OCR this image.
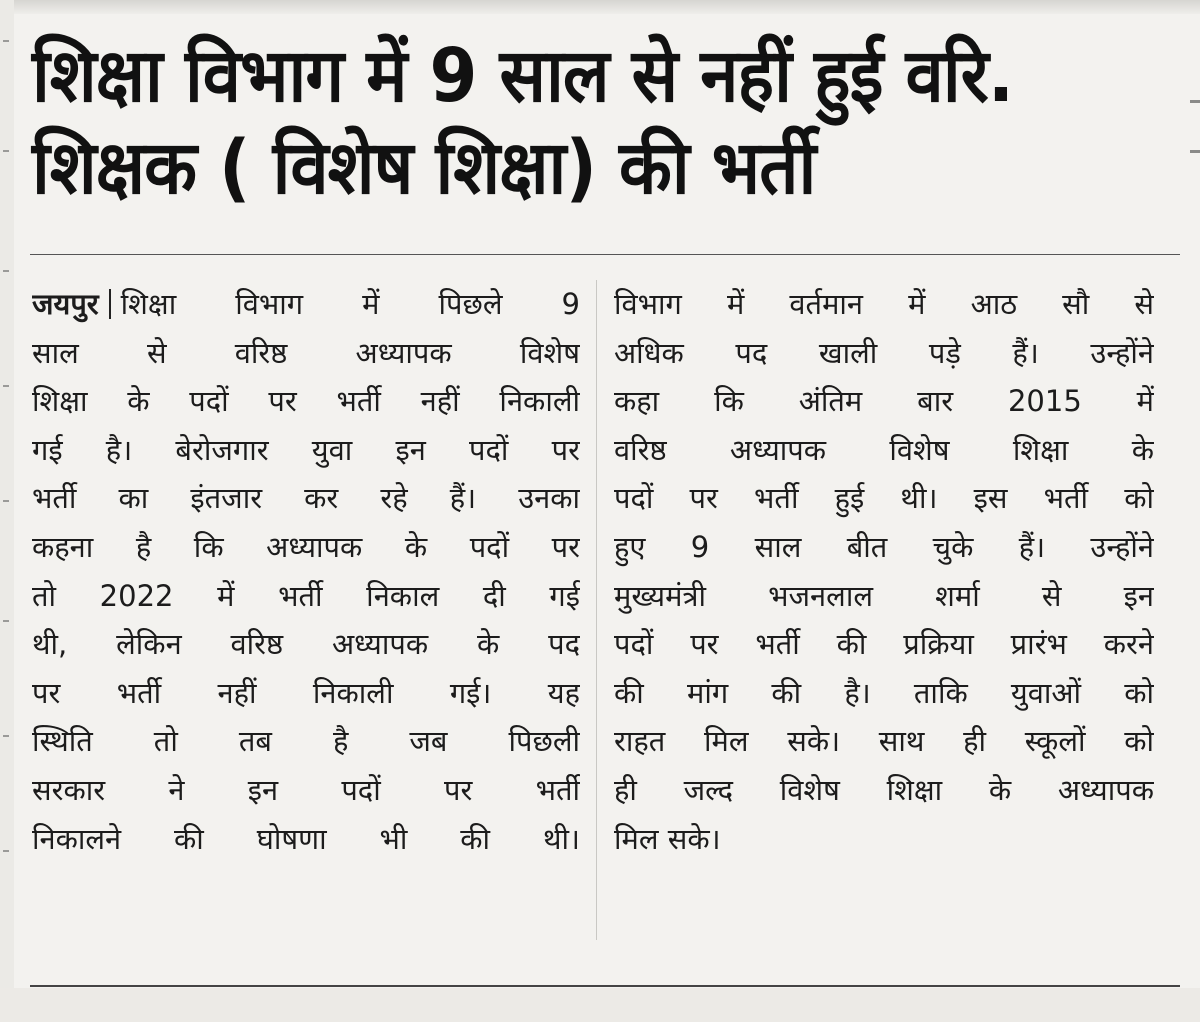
शिक्षा विभाग में 9 साल से नहीं हुई वरि.
शिक्षक ( विशेष शिक्षा) की भर्ती
जयपुर शिक्षा विभाग में पिछले 9
साल से वरिष्ठ अध्यापक विशेष
शिक्षा के पदों पर भर्ती नहीं निकाली
गई है। बेरोजगार युवा इन पदों पर
भर्ती का इंतजार कर रहे हैं। उनका
कहना है कि अध्यापक के पदों पर
तो 2022 में भर्ती निकाल दी गई
थी, लेकिन वरिष्ठ अध्यापक के पद
पर भर्ती नहीं निकाली गई। यह
स्थिति तो तब है जब पिछली
सरकार ने इन पदों पर भर्ती
निकालने की घोषणा भी की थी।
विभाग में वर्तमान में आठ सौ से
अधिक पद खाली पड़े हैं। उन्होंने
कहा कि अंतिम बार 2015 में
वरिष्ठ अध्यापक विशेष शिक्षा के
पदों पर भर्ती हुई थी। इस भर्ती को
हुए 9 साल बीत चुके हैं। उन्होंने
मुख्यमंत्री भजनलाल शर्मा से इन
पदों पर भर्ती की प्रक्रिया प्रारंभ करने
की मांग की है। ताकि युवाओं को
राहत मिल सके। साथ ही स्कूलों को
ही जल्द विशेष शिक्षा के अध्यापक
मिल सके।
